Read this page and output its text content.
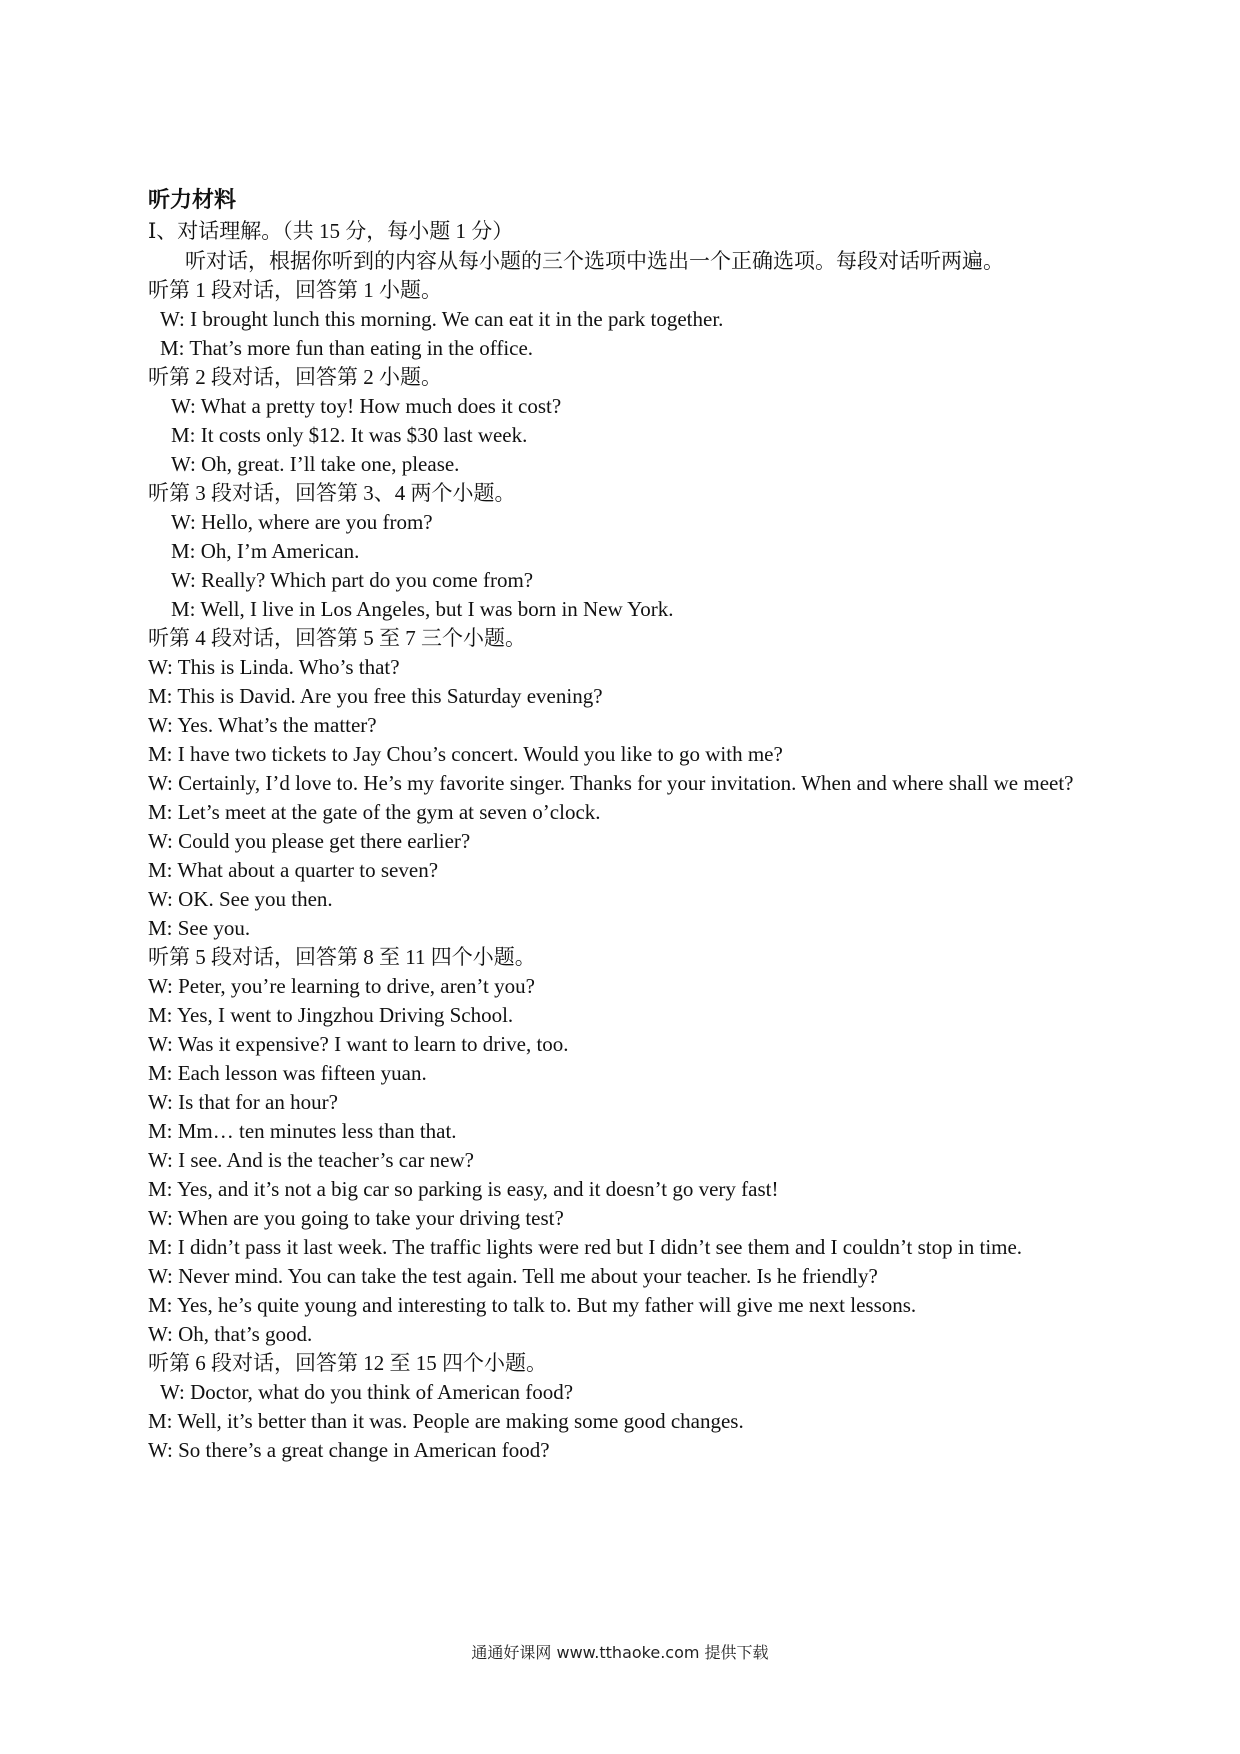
听力材料
Ⅰ、对话理解。（共 15 分，每小题 1 分）
听对话，根据你听到的内容从每小题的三个选项中选出一个正确选项。每段对话听两遍。
听第 1 段对话，回答第 1 小题。
W: I brought lunch this morning. We can eat it in the park together.
M: That’s more fun than eating in the office.
听第 2 段对话，回答第 2 小题。
W: What a pretty toy! How much does it cost?
M: It costs only $12. It was $30 last week.
W: Oh, great. I’ll take one, please.
听第 3 段对话，回答第 3、4 两个小题。
W: Hello, where are you from?
M: Oh, I’m American.
W: Really? Which part do you come from?
M: Well, I live in Los Angeles, but I was born in New York.
听第 4 段对话，回答第 5 至 7 三个小题。
W: This is Linda. Who’s that?
M: This is David. Are you free this Saturday evening?
W: Yes. What’s the matter?
M: I have two tickets to Jay Chou’s concert. Would you like to go with me?
W: Certainly, I’d love to. He’s my favorite singer. Thanks for your invitation. When and where shall we meet?
M: Let’s meet at the gate of the gym at seven o’clock.
W: Could you please get there earlier?
M: What about a quarter to seven?
W: OK. See you then.
M: See you.
听第 5 段对话，回答第 8 至 11 四个小题。
W: Peter, you’re learning to drive, aren’t you?
M: Yes, I went to Jingzhou Driving School.
W: Was it expensive? I want to learn to drive, too.
M: Each lesson was fifteen yuan.
W: Is that for an hour?
M: Mm… ten minutes less than that.
W: I see. And is the teacher’s car new?
M: Yes, and it’s not a big car so parking is easy, and it doesn’t go very fast!
W: When are you going to take your driving test?
M: I didn’t pass it last week. The traffic lights were red but I didn’t see them and I couldn’t stop in time.
W: Never mind. You can take the test again. Tell me about your teacher. Is he friendly?
M: Yes, he’s quite young and interesting to talk to. But my father will give me next lessons.
W: Oh, that’s good.
听第 6 段对话，回答第 12 至 15 四个小题。
W: Doctor, what do you think of American food?
M: Well, it’s better than it was. People are making some good changes.
W: So there’s a great change in American food?
通通好课网 www.tthaoke.com 提供下载
